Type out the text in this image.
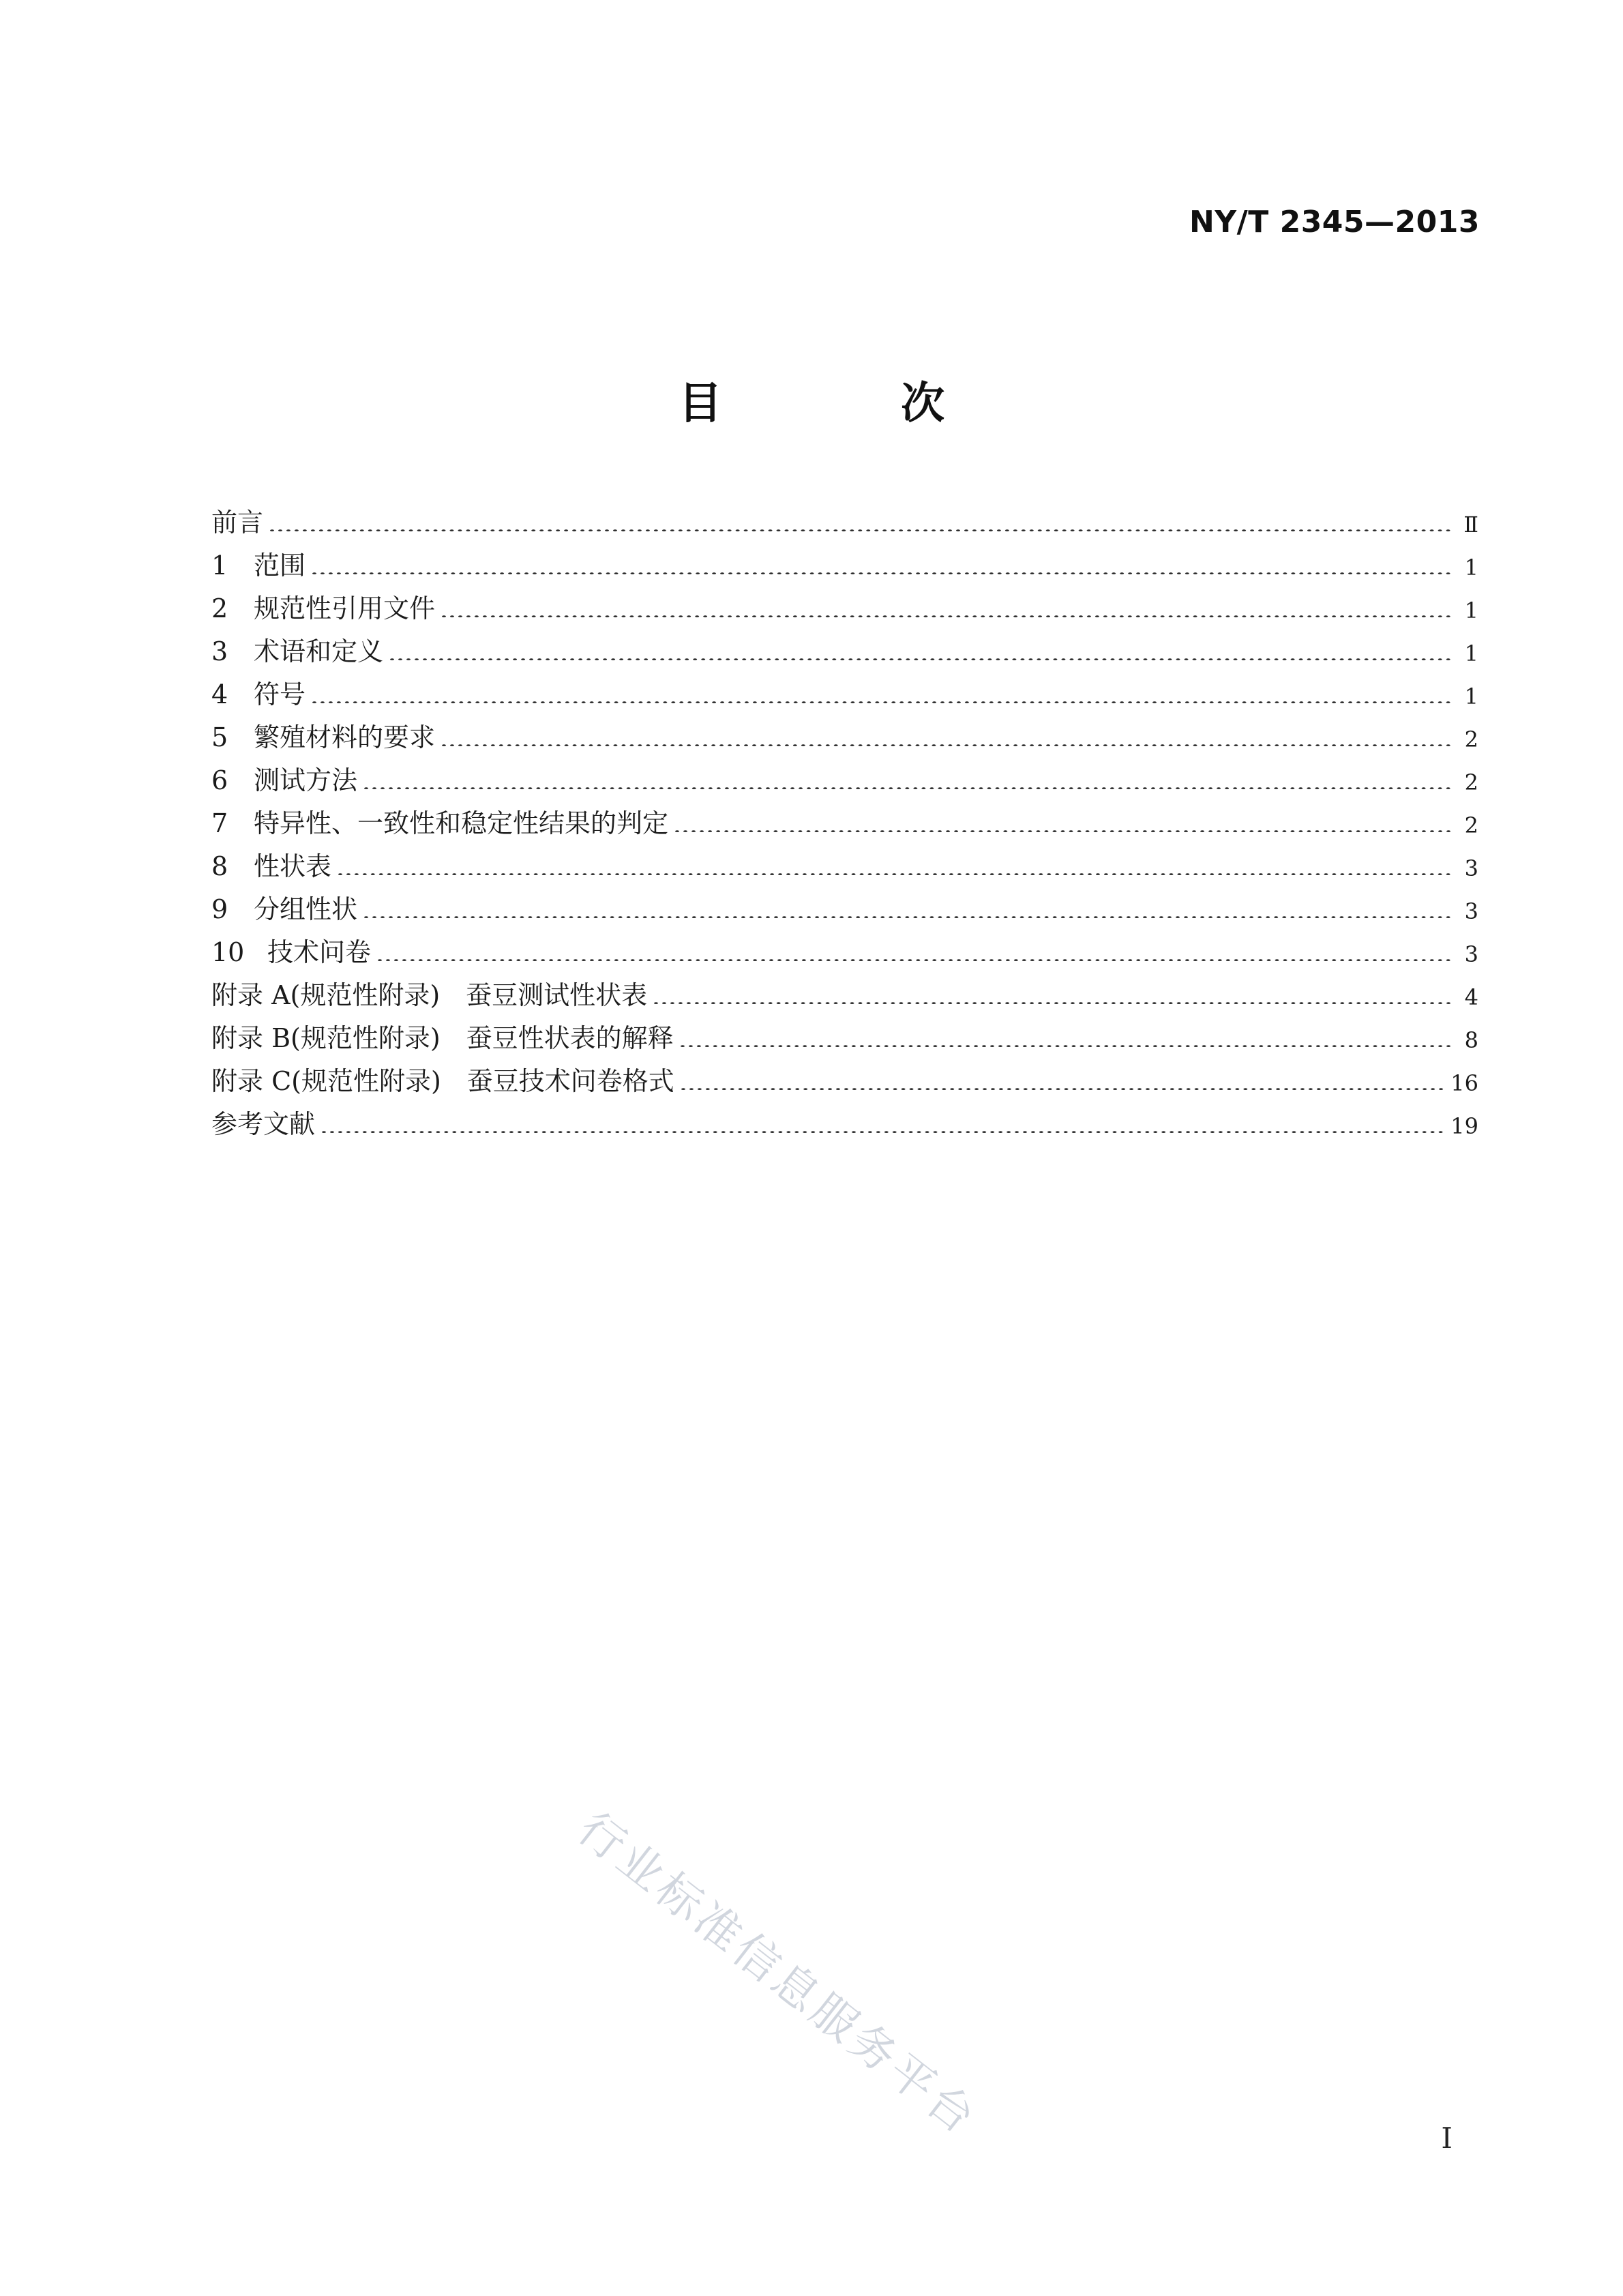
NY/T 2345—2013
目 次
前言	Ⅱ
1 范围	1
2 规范性引用文件	1
3 术语和定义	1
4 符号	1
5 繁殖材料的要求	2
6 测试方法	2
7 特异性、一致性和稳定性结果的判定	2
8 性状表	3
9 分组性状	3
10 技术问卷	3
附录 A(规范性附录)　蚕豆测试性状表	4
附录 B(规范性附录)　蚕豆性状表的解释	8
附录 C(规范性附录)　蚕豆技术问卷格式	16
参考文献	19
行业标准信息服务平台	I
